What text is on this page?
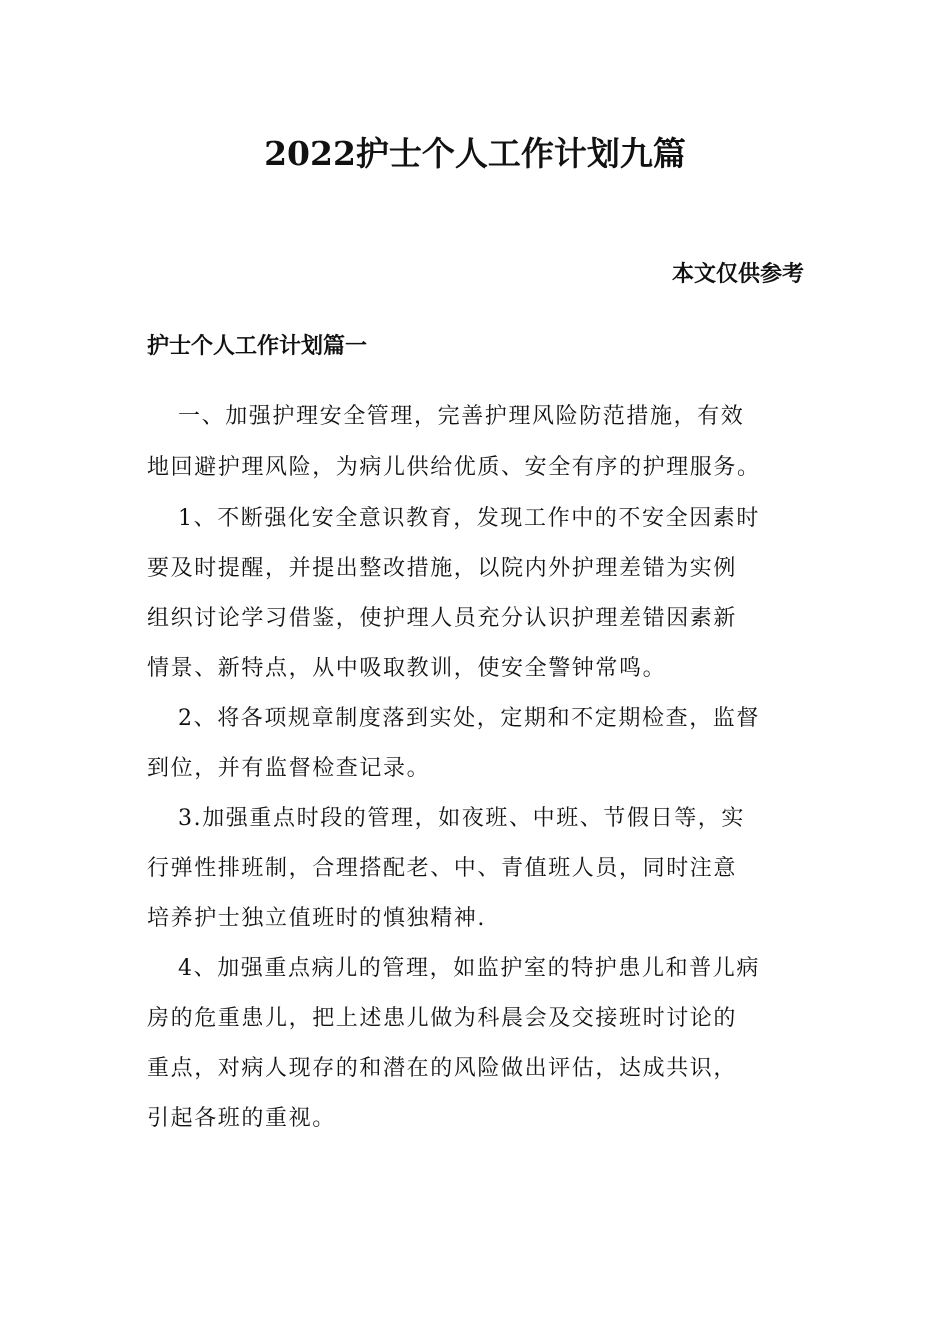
2022护士个人工作计划九篇
本文仅供参考
护士个人工作计划篇一
一、加强护理安全管理，完善护理风险防范措施，有效
地回避护理风险，为病儿供给优质、安全有序的护理服务。
1、不断强化安全意识教育，发现工作中的不安全因素时
要及时提醒，并提出整改措施，以院内外护理差错为实例
组织讨论学习借鉴，使护理人员充分认识护理差错因素新
情景、新特点，从中吸取教训，使安全警钟常鸣。
2、将各项规章制度落到实处，定期和不定期检查，监督
到位，并有监督检查记录。
3.加强重点时段的管理，如夜班、中班、节假日等，实
行弹性排班制，合理搭配老、中、青值班人员，同时注意
培养护士独立值班时的慎独精神.
4、加强重点病儿的管理，如监护室的特护患儿和普儿病
房的危重患儿，把上述患儿做为科晨会及交接班时讨论的
重点，对病人现存的和潜在的风险做出评估，达成共识，
引起各班的重视。
